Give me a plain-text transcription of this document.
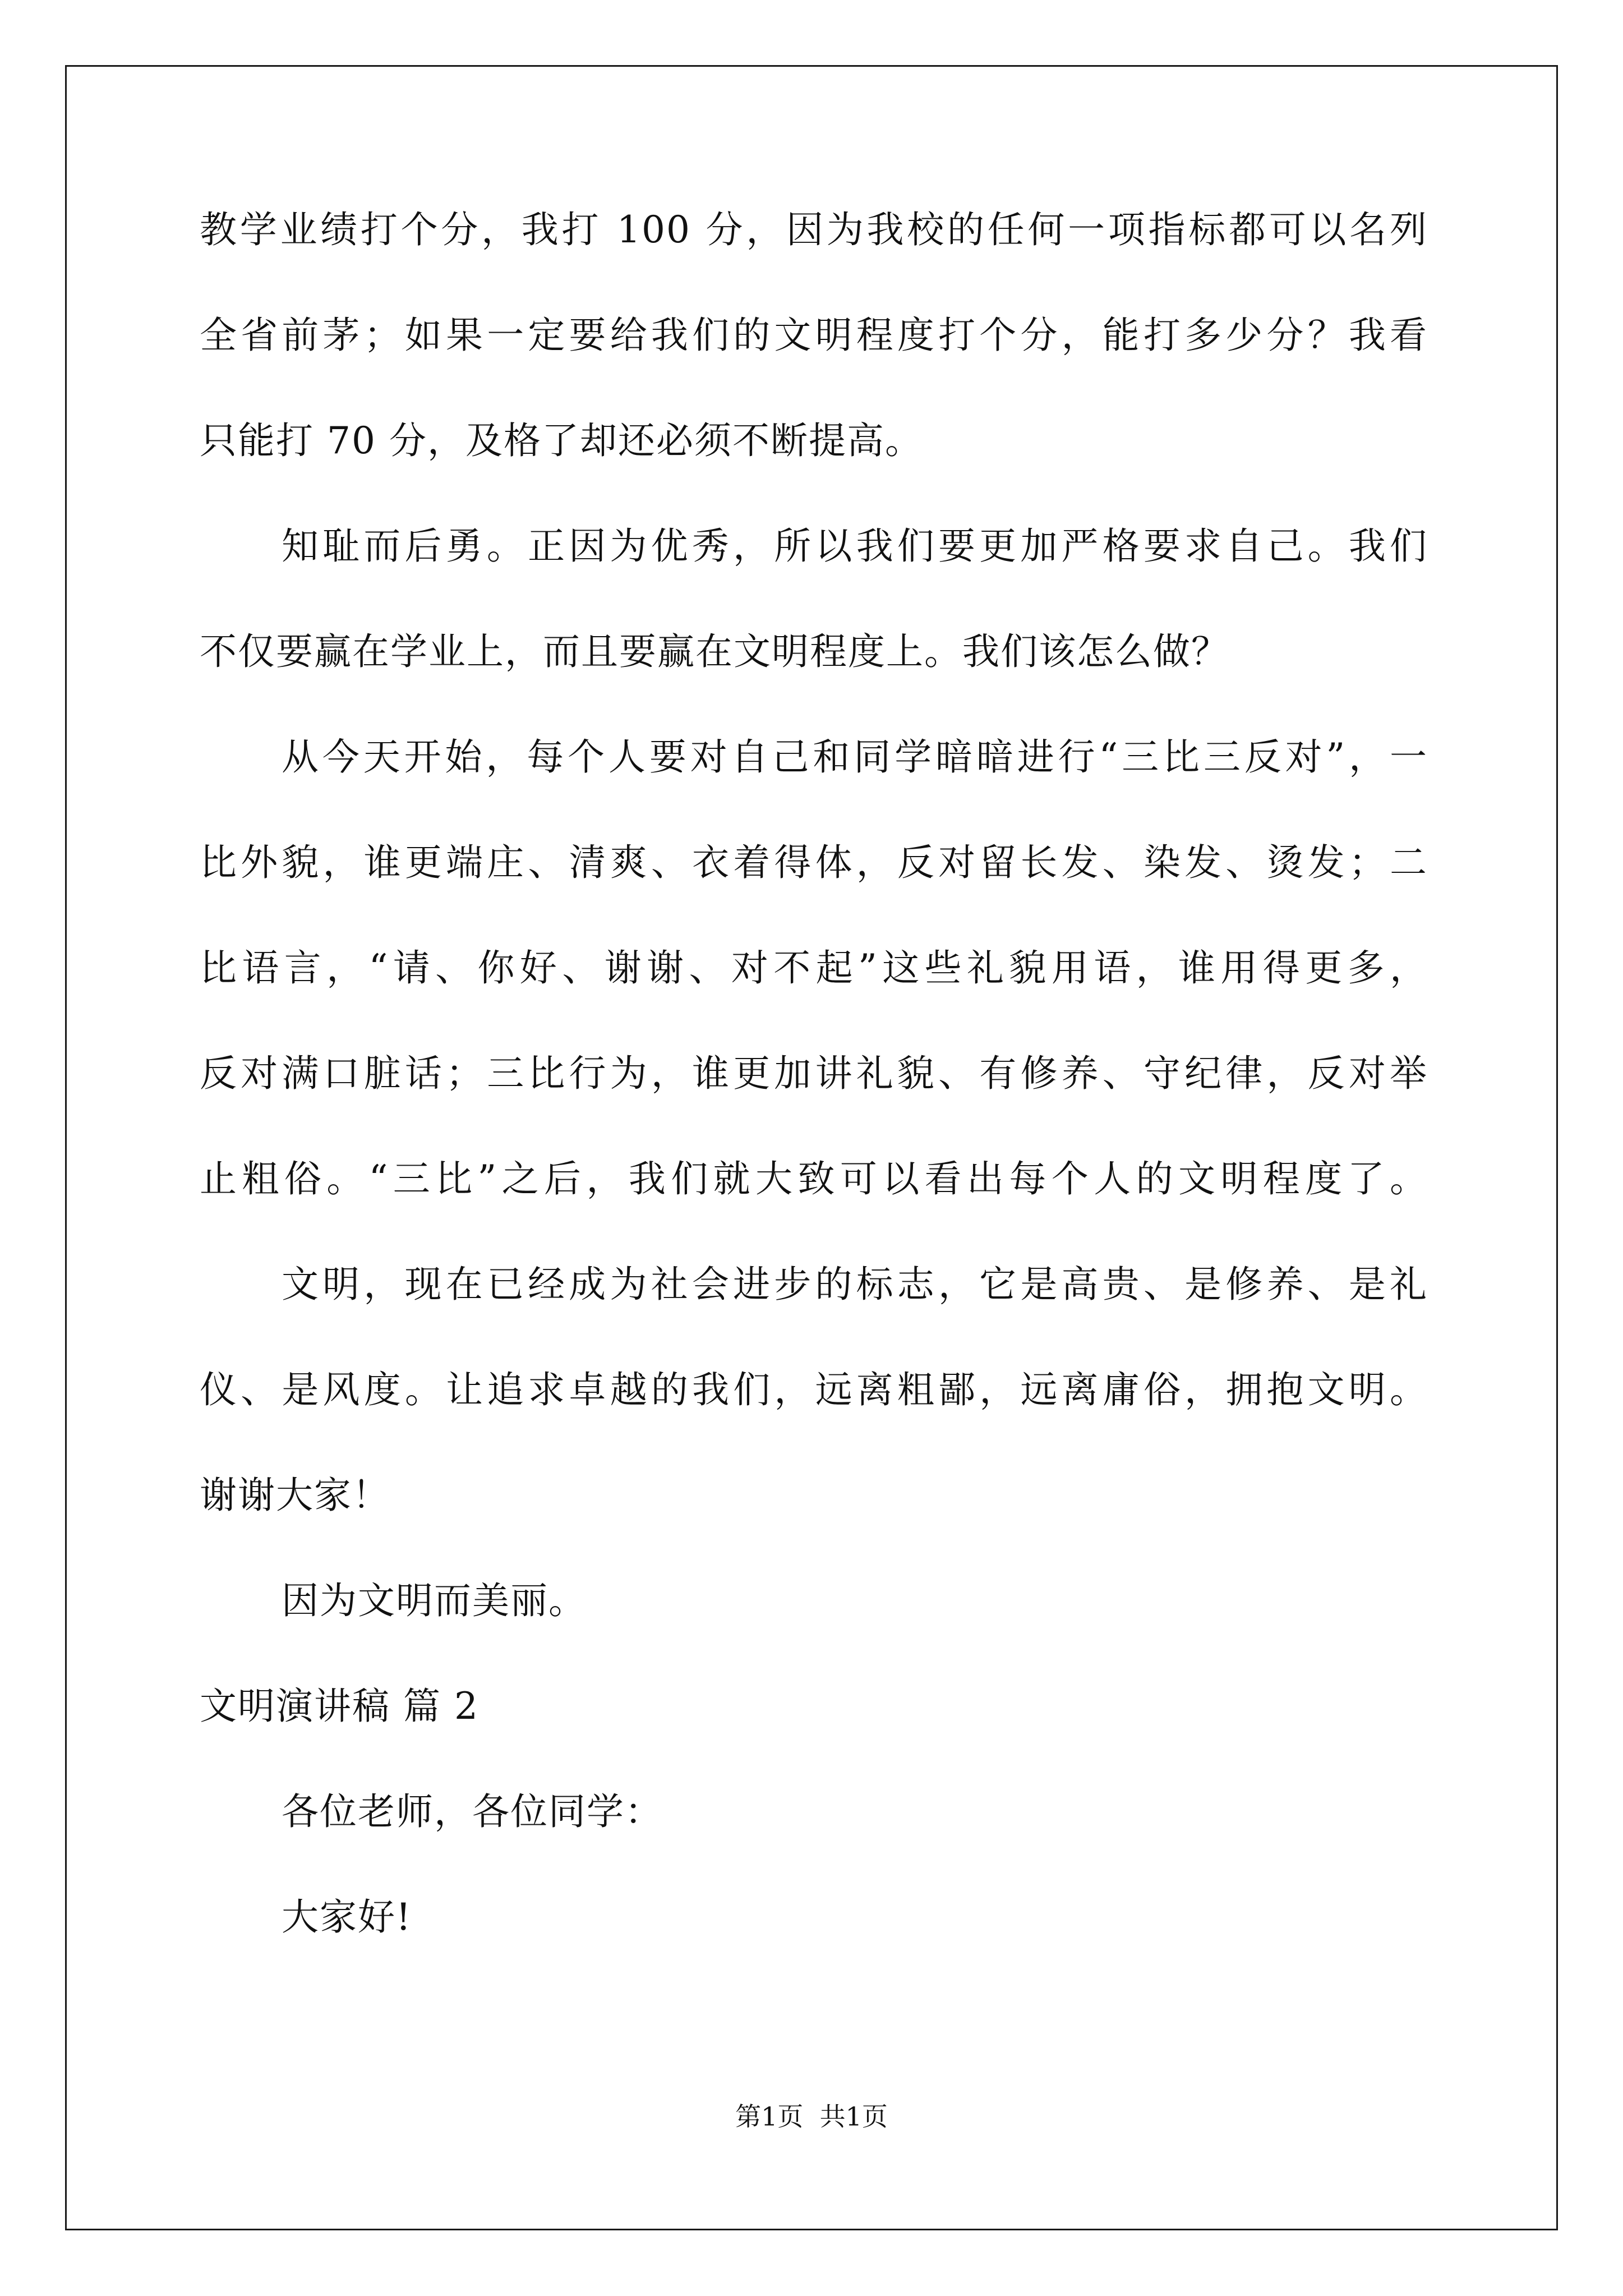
教学业绩打个分，我打 100 分，因为我校的任何一项指标都可以名列
全省前茅；如果一定要给我们的文明程度打个分，能打多少分？我看
只能打 70 分，及格了却还必须不断提高。
知耻而后勇。正因为优秀，所以我们要更加严格要求自己。我们
不仅要赢在学业上，而且要赢在文明程度上。我们该怎么做？
从今天开始，每个人要对自己和同学暗暗进行“三比三反对”，一
比外貌，谁更端庄、清爽、衣着得体，反对留长发、染发、烫发；二
比语言，“请、你好、谢谢、对不起”这些礼貌用语，谁用得更多，
反对满口脏话；三比行为，谁更加讲礼貌、有修养、守纪律，反对举
止粗俗。“三比”之后，我们就大致可以看出每个人的文明程度了。
文明，现在已经成为社会进步的标志，它是高贵、是修养、是礼
仪、是风度。让追求卓越的我们，远离粗鄙，远离庸俗，拥抱文明。
谢谢大家！
因为文明而美丽。
文明演讲稿 篇 2
各位老师，各位同学：
大家好!
第1页  共1页
